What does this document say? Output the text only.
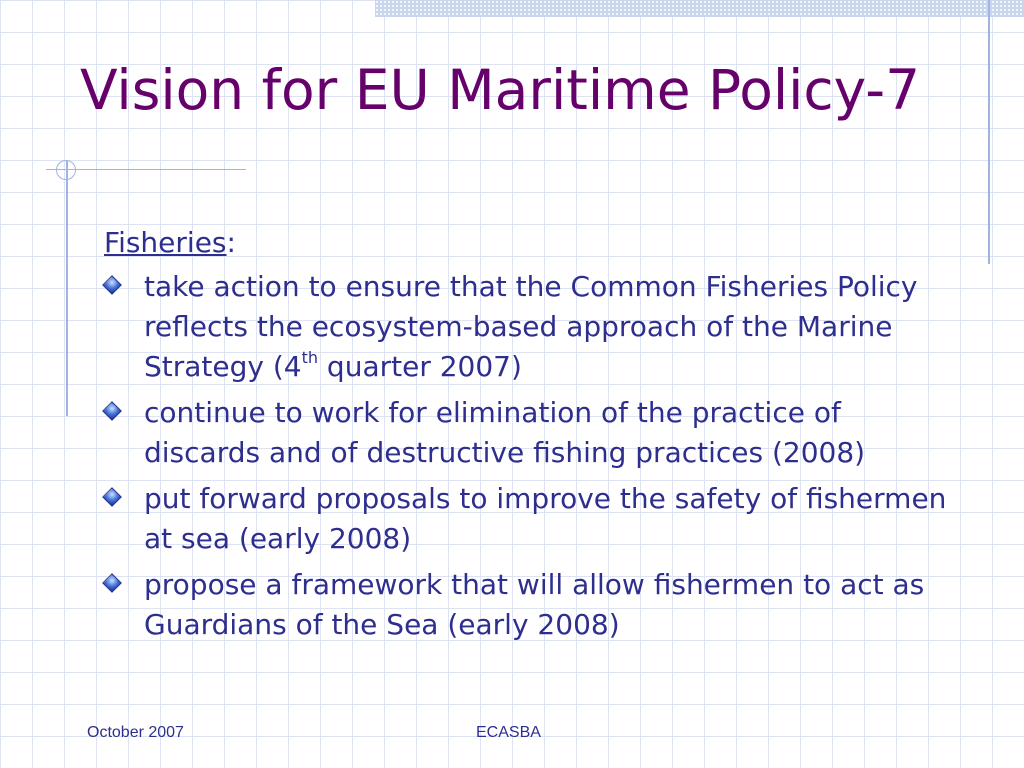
Vision for EU Maritime Policy-7

Fisheries:

take action to ensure that the Common Fisheries Policy reflects the ecosystem-based approach of the Marine Strategy (4th quarter 2007)
continue to work for elimination of the practice of discards and of destructive fishing practices (2008)
put forward proposals to improve the safety of fishermen at sea (early 2008)
propose a framework that will allow fishermen to act as Guardians of the Sea (early 2008)
October 2007	ECASBA
